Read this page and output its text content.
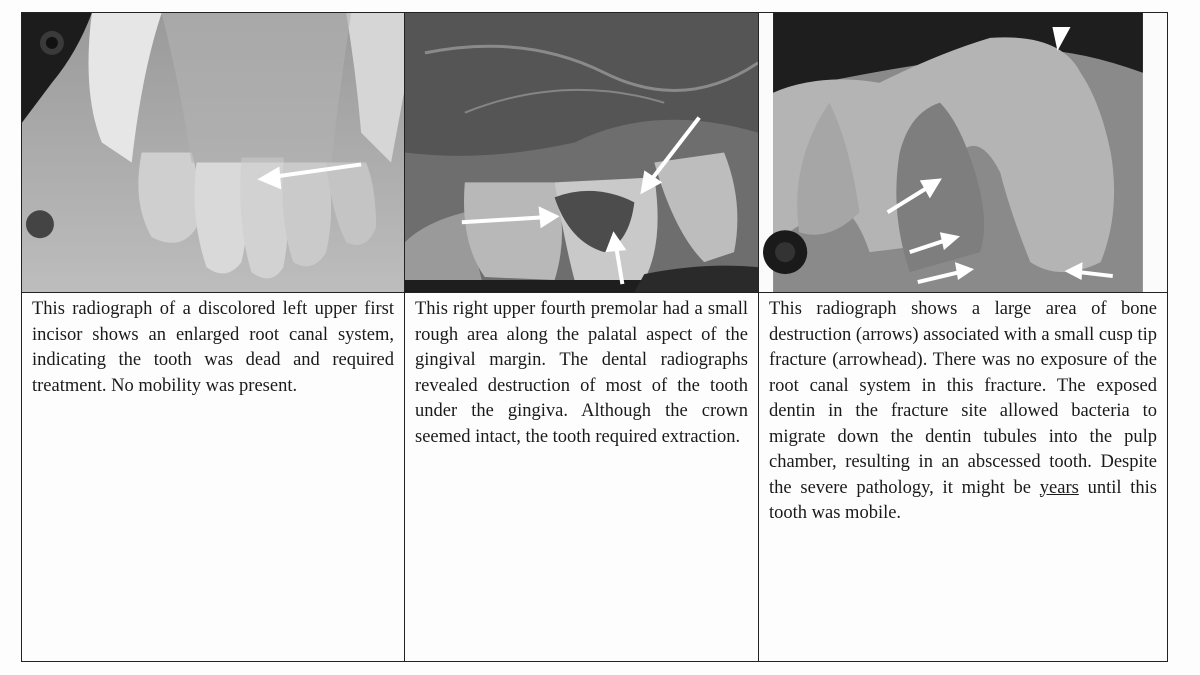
This radiograph of a discolored left upper first incisor shows an enlarged root canal system, indicating the tooth was dead and required treatment. No mobility was present.

This right upper fourth premolar had a small rough area along the palatal aspect of the gingival margin. The dental radiographs revealed destruction of most of the tooth under the gingiva. Although the crown seemed intact, the tooth required extraction.

This radiograph shows a large area of bone destruction (arrows) associated with a small cusp tip fracture (arrowhead). There was no exposure of the root canal system in this fracture. The exposed dentin in the fracture site allowed bacteria to migrate down the dentin tubules into the pulp chamber, resulting in an abscessed tooth. Despite the severe pathology, it might be years until this tooth was mobile.
